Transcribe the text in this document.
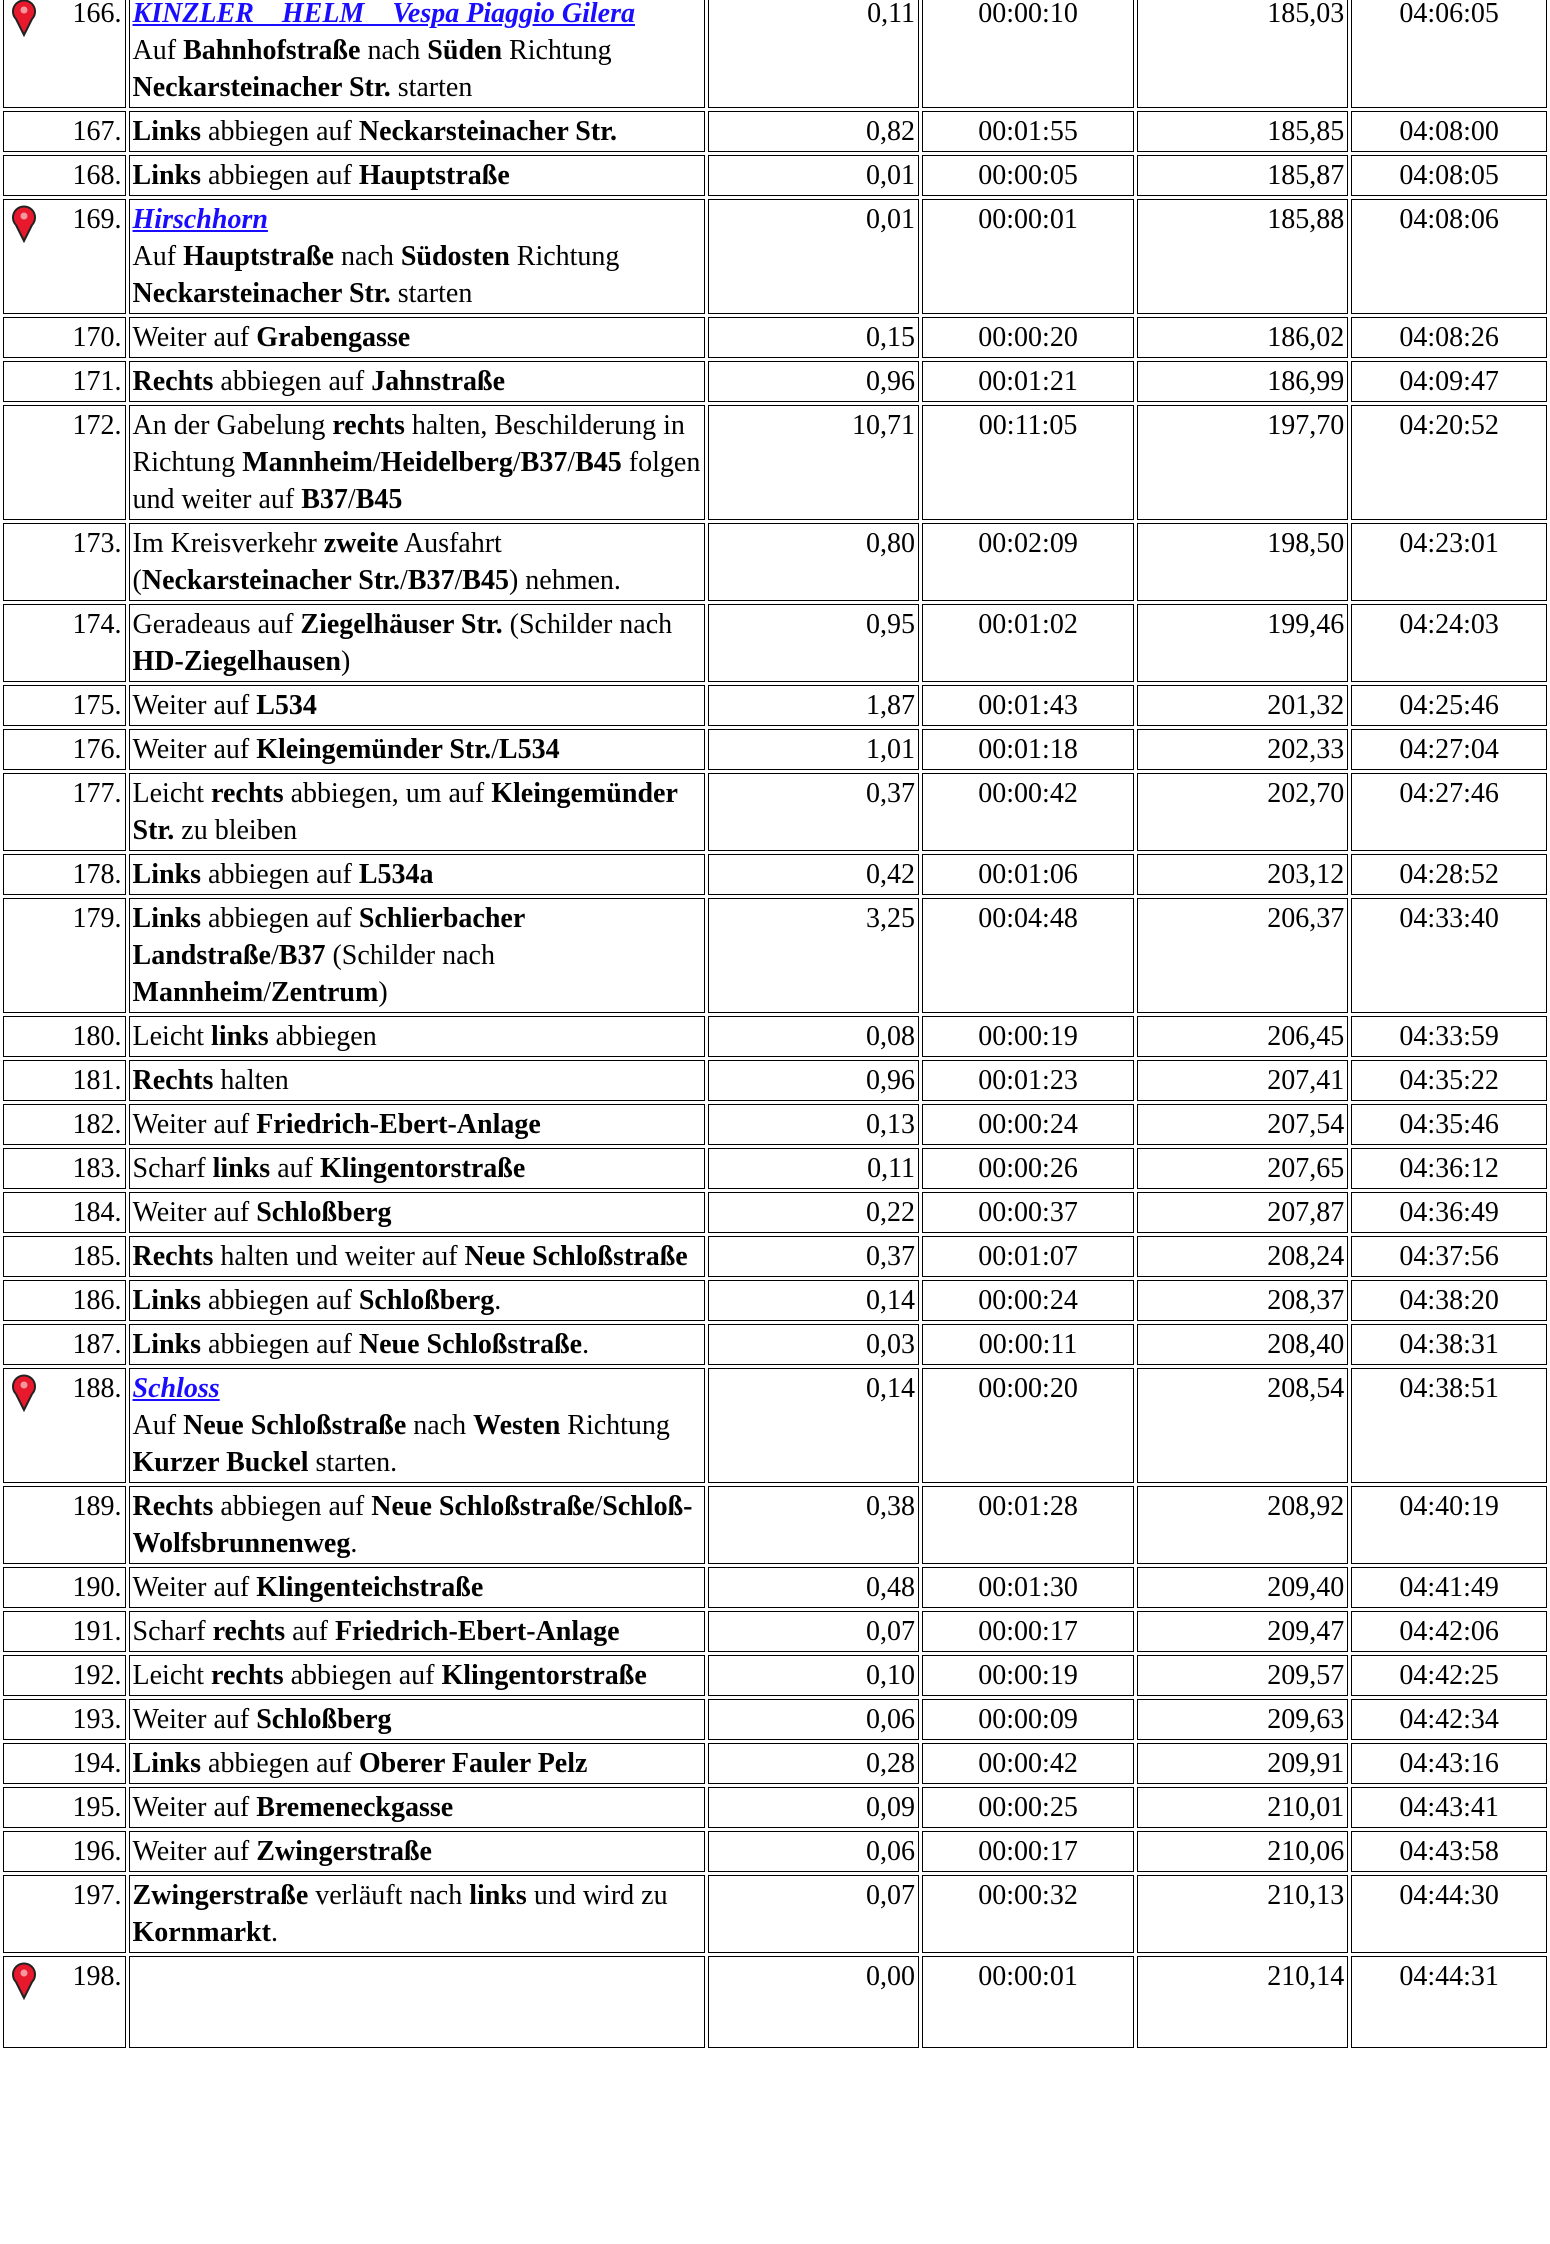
166.	KINZLER _ HELM _ Vespa Piaggio Gilera
Auf Bahnhofstraße nach Süden Richtung Neckarsteinacher Str. starten	0,11	00:00:10	185,03	04:06:05
167.	Links abbiegen auf Neckarsteinacher Str.	0,82	00:01:55	185,85	04:08:00
168.	Links abbiegen auf Hauptstraße	0,01	00:00:05	185,87	04:08:05

169.	Hirschhorn
Auf Hauptstraße nach Südosten Richtung Neckarsteinacher Str. starten	0,01	00:00:01	185,88	04:08:06
170.	Weiter auf Grabengasse	0,15	00:00:20	186,02	04:08:26
171.	Rechts abbiegen auf Jahnstraße	0,96	00:01:21	186,99	04:09:47
172.	An der Gabelung rechts halten, Beschilderung in Richtung Mannheim/Heidelberg/B37/B45 folgen und weiter auf B37/B45	10,71	00:11:05	197,70	04:20:52
173.	Im Kreisverkehr zweite Ausfahrt (Neckarsteinacher Str./B37/B45) nehmen.	0,80	00:02:09	198,50	04:23:01
174.	Geradeaus auf Ziegelhäuser Str. (Schilder nach HD-Ziegelhausen)	0,95	00:01:02	199,46	04:24:03
175.	Weiter auf L534	1,87	00:01:43	201,32	04:25:46
176.	Weiter auf Kleingemünder Str./L534	1,01	00:01:18	202,33	04:27:04
177.	Leicht rechts abbiegen, um auf Kleingemünder Str. zu bleiben	0,37	00:00:42	202,70	04:27:46
178.	Links abbiegen auf L534a	0,42	00:01:06	203,12	04:28:52
179.	Links abbiegen auf Schlierbacher Landstraße/B37 (Schilder nach Mannheim/Zentrum)	3,25	00:04:48	206,37	04:33:40
180.	Leicht links abbiegen	0,08	00:00:19	206,45	04:33:59
181.	Rechts halten	0,96	00:01:23	207,41	04:35:22
182.	Weiter auf Friedrich-Ebert-Anlage	0,13	00:00:24	207,54	04:35:46
183.	Scharf links auf Klingentorstraße	0,11	00:00:26	207,65	04:36:12
184.	Weiter auf Schloßberg	0,22	00:00:37	207,87	04:36:49
185.	Rechts halten und weiter auf Neue Schloßstraße	0,37	00:01:07	208,24	04:37:56
186.	Links abbiegen auf Schloßberg.	0,14	00:00:24	208,37	04:38:20
187.	Links abbiegen auf Neue Schloßstraße.	0,03	00:00:11	208,40	04:38:31

188.	Schloss
Auf Neue Schloßstraße nach Westen Richtung Kurzer Buckel starten.	0,14	00:00:20	208,54	04:38:51
189.	Rechts abbiegen auf Neue Schloßstraße/Schloß-Wolfsbrunnenweg.	0,38	00:01:28	208,92	04:40:19
190.	Weiter auf Klingenteichstraße	0,48	00:01:30	209,40	04:41:49
191.	Scharf rechts auf Friedrich-Ebert-Anlage	0,07	00:00:17	209,47	04:42:06
192.	Leicht rechts abbiegen auf Klingentorstraße	0,10	00:00:19	209,57	04:42:25
193.	Weiter auf Schloßberg	0,06	00:00:09	209,63	04:42:34
194.	Links abbiegen auf Oberer Fauler Pelz	0,28	00:00:42	209,91	04:43:16
195.	Weiter auf Bremeneckgasse	0,09	00:00:25	210,01	04:43:41
196.	Weiter auf Zwingerstraße	0,06	00:00:17	210,06	04:43:58
197.	Zwingerstraße verläuft nach links und wird zu Kornmarkt.	0,07	00:00:32	210,13	04:44:30

198.		0,00	00:00:01	210,14	04:44:31
